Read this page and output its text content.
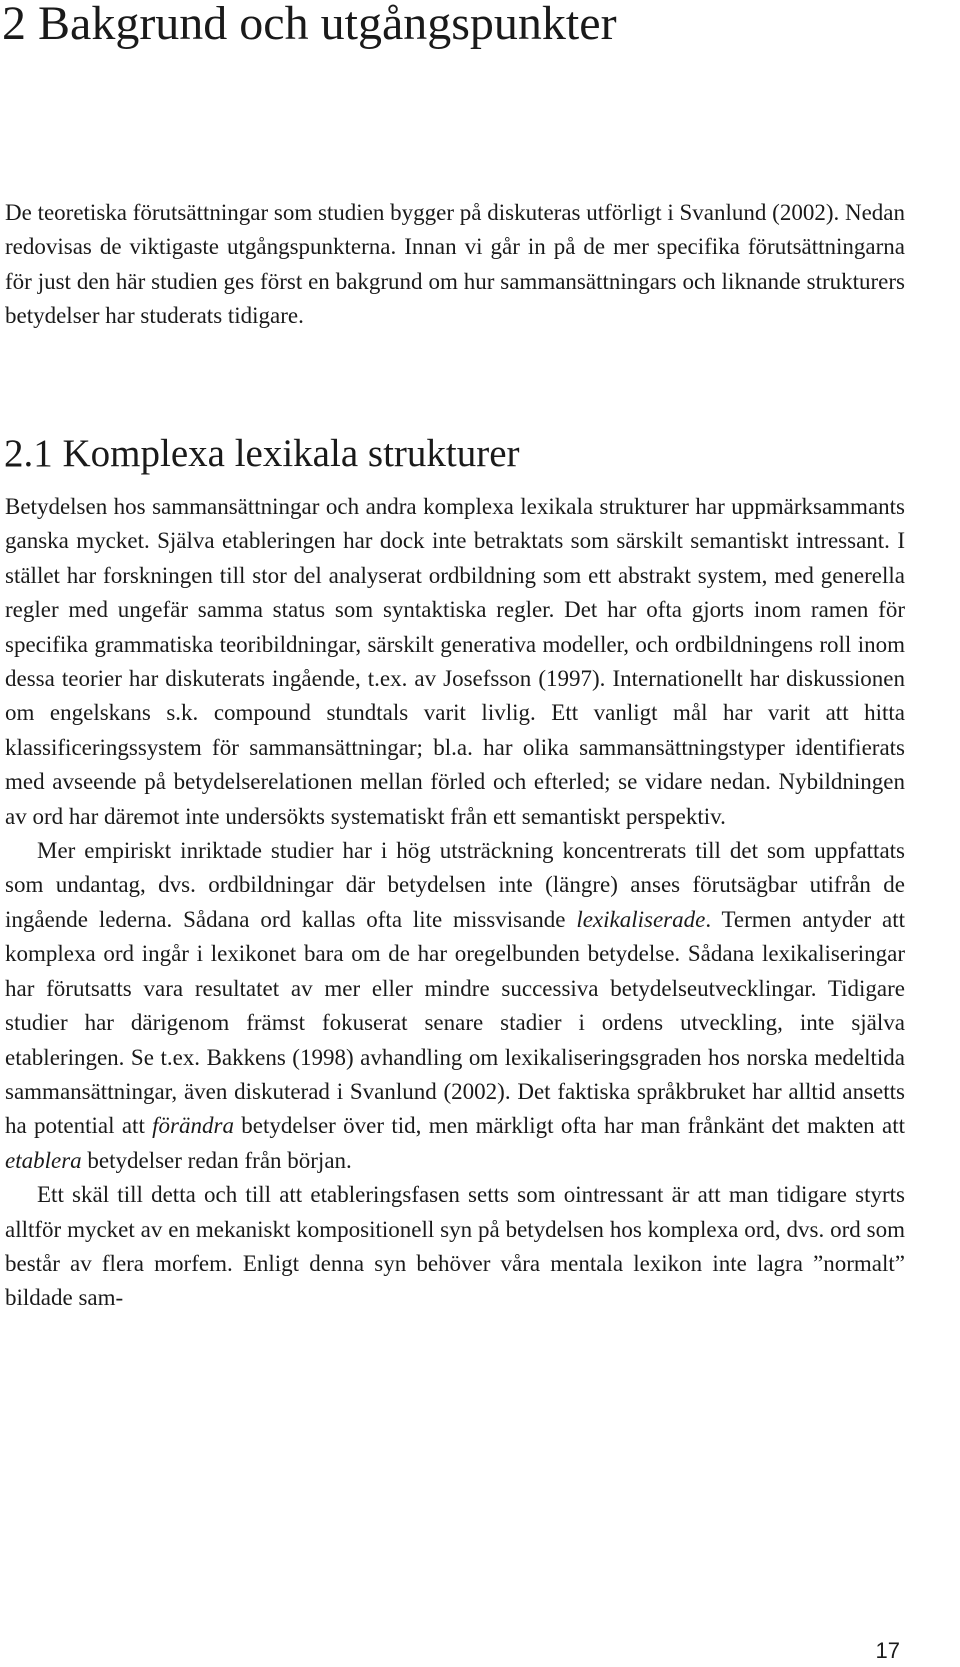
2 Bakgrund och utgångspunkter

De teoretiska förutsättningar som studien bygger på diskuteras utförligt i Svanlund (2002). Nedan redovisas de viktigaste utgångspunkterna. Innan vi går in på de mer specifika förutsättningarna för just den här studien ges först en bakgrund om hur sammansättningars och liknande strukturers betydelser har studerats tidigare.

2.1 Komplexa lexikala strukturer

Betydelsen hos sammansättningar och andra komplexa lexikala strukturer har uppmärksammants ganska mycket. Själva etableringen har dock inte betraktats som särskilt semantiskt intressant. I stället har forskningen till stor del analyserat ordbildning som ett abstrakt system, med generella regler med ungefär samma status som syntaktiska regler. Det har ofta gjorts inom ramen för specifika grammatiska teoribildningar, särskilt generativa modeller, och ordbildningens roll inom dessa teorier har diskuterats ingående, t.ex. av Josefsson (1997). Internationellt har diskussionen om engelskans s.k. compound stundtals varit livlig. Ett vanligt mål har varit att hitta klassificeringssystem för sammansättningar; bl.a. har olika sammansättningstyper identifierats med avseende på betydelserelationen mellan förled och efterled; se vidare nedan. Nybildningen av ord har däremot inte undersökts systematiskt från ett semantiskt perspektiv.

Mer empiriskt inriktade studier har i hög utsträckning koncentrerats till det som uppfattats som undantag, dvs. ordbildningar där betydelsen inte (längre) anses förutsägbar utifrån de ingående lederna. Sådana ord kallas ofta lite missvisande lexikaliserade. Termen antyder att komplexa ord ingår i lexikonet bara om de har oregelbunden betydelse. Sådana lexikaliseringar har förutsatts vara resultatet av mer eller mindre successiva betydelseutvecklingar. Tidigare studier har därigenom främst fokuserat senare stadier i ordens utveckling, inte själva etableringen. Se t.ex. Bakkens (1998) avhandling om lexikaliseringsgraden hos norska medeltida sammansättningar, även diskuterad i Svanlund (2002). Det faktiska språkbruket har alltid ansetts ha potential att förändra betydelser över tid, men märkligt ofta har man frånkänt det makten att etablera betydelser redan från början.

Ett skäl till detta och till att etableringsfasen setts som ointressant är att man tidigare styrts alltför mycket av en mekaniskt kompositionell syn på betydelsen hos komplexa ord, dvs. ord som består av flera morfem. Enligt denna syn behöver våra mentala lexikon inte lagra ”normalt” bildade sam-

17
